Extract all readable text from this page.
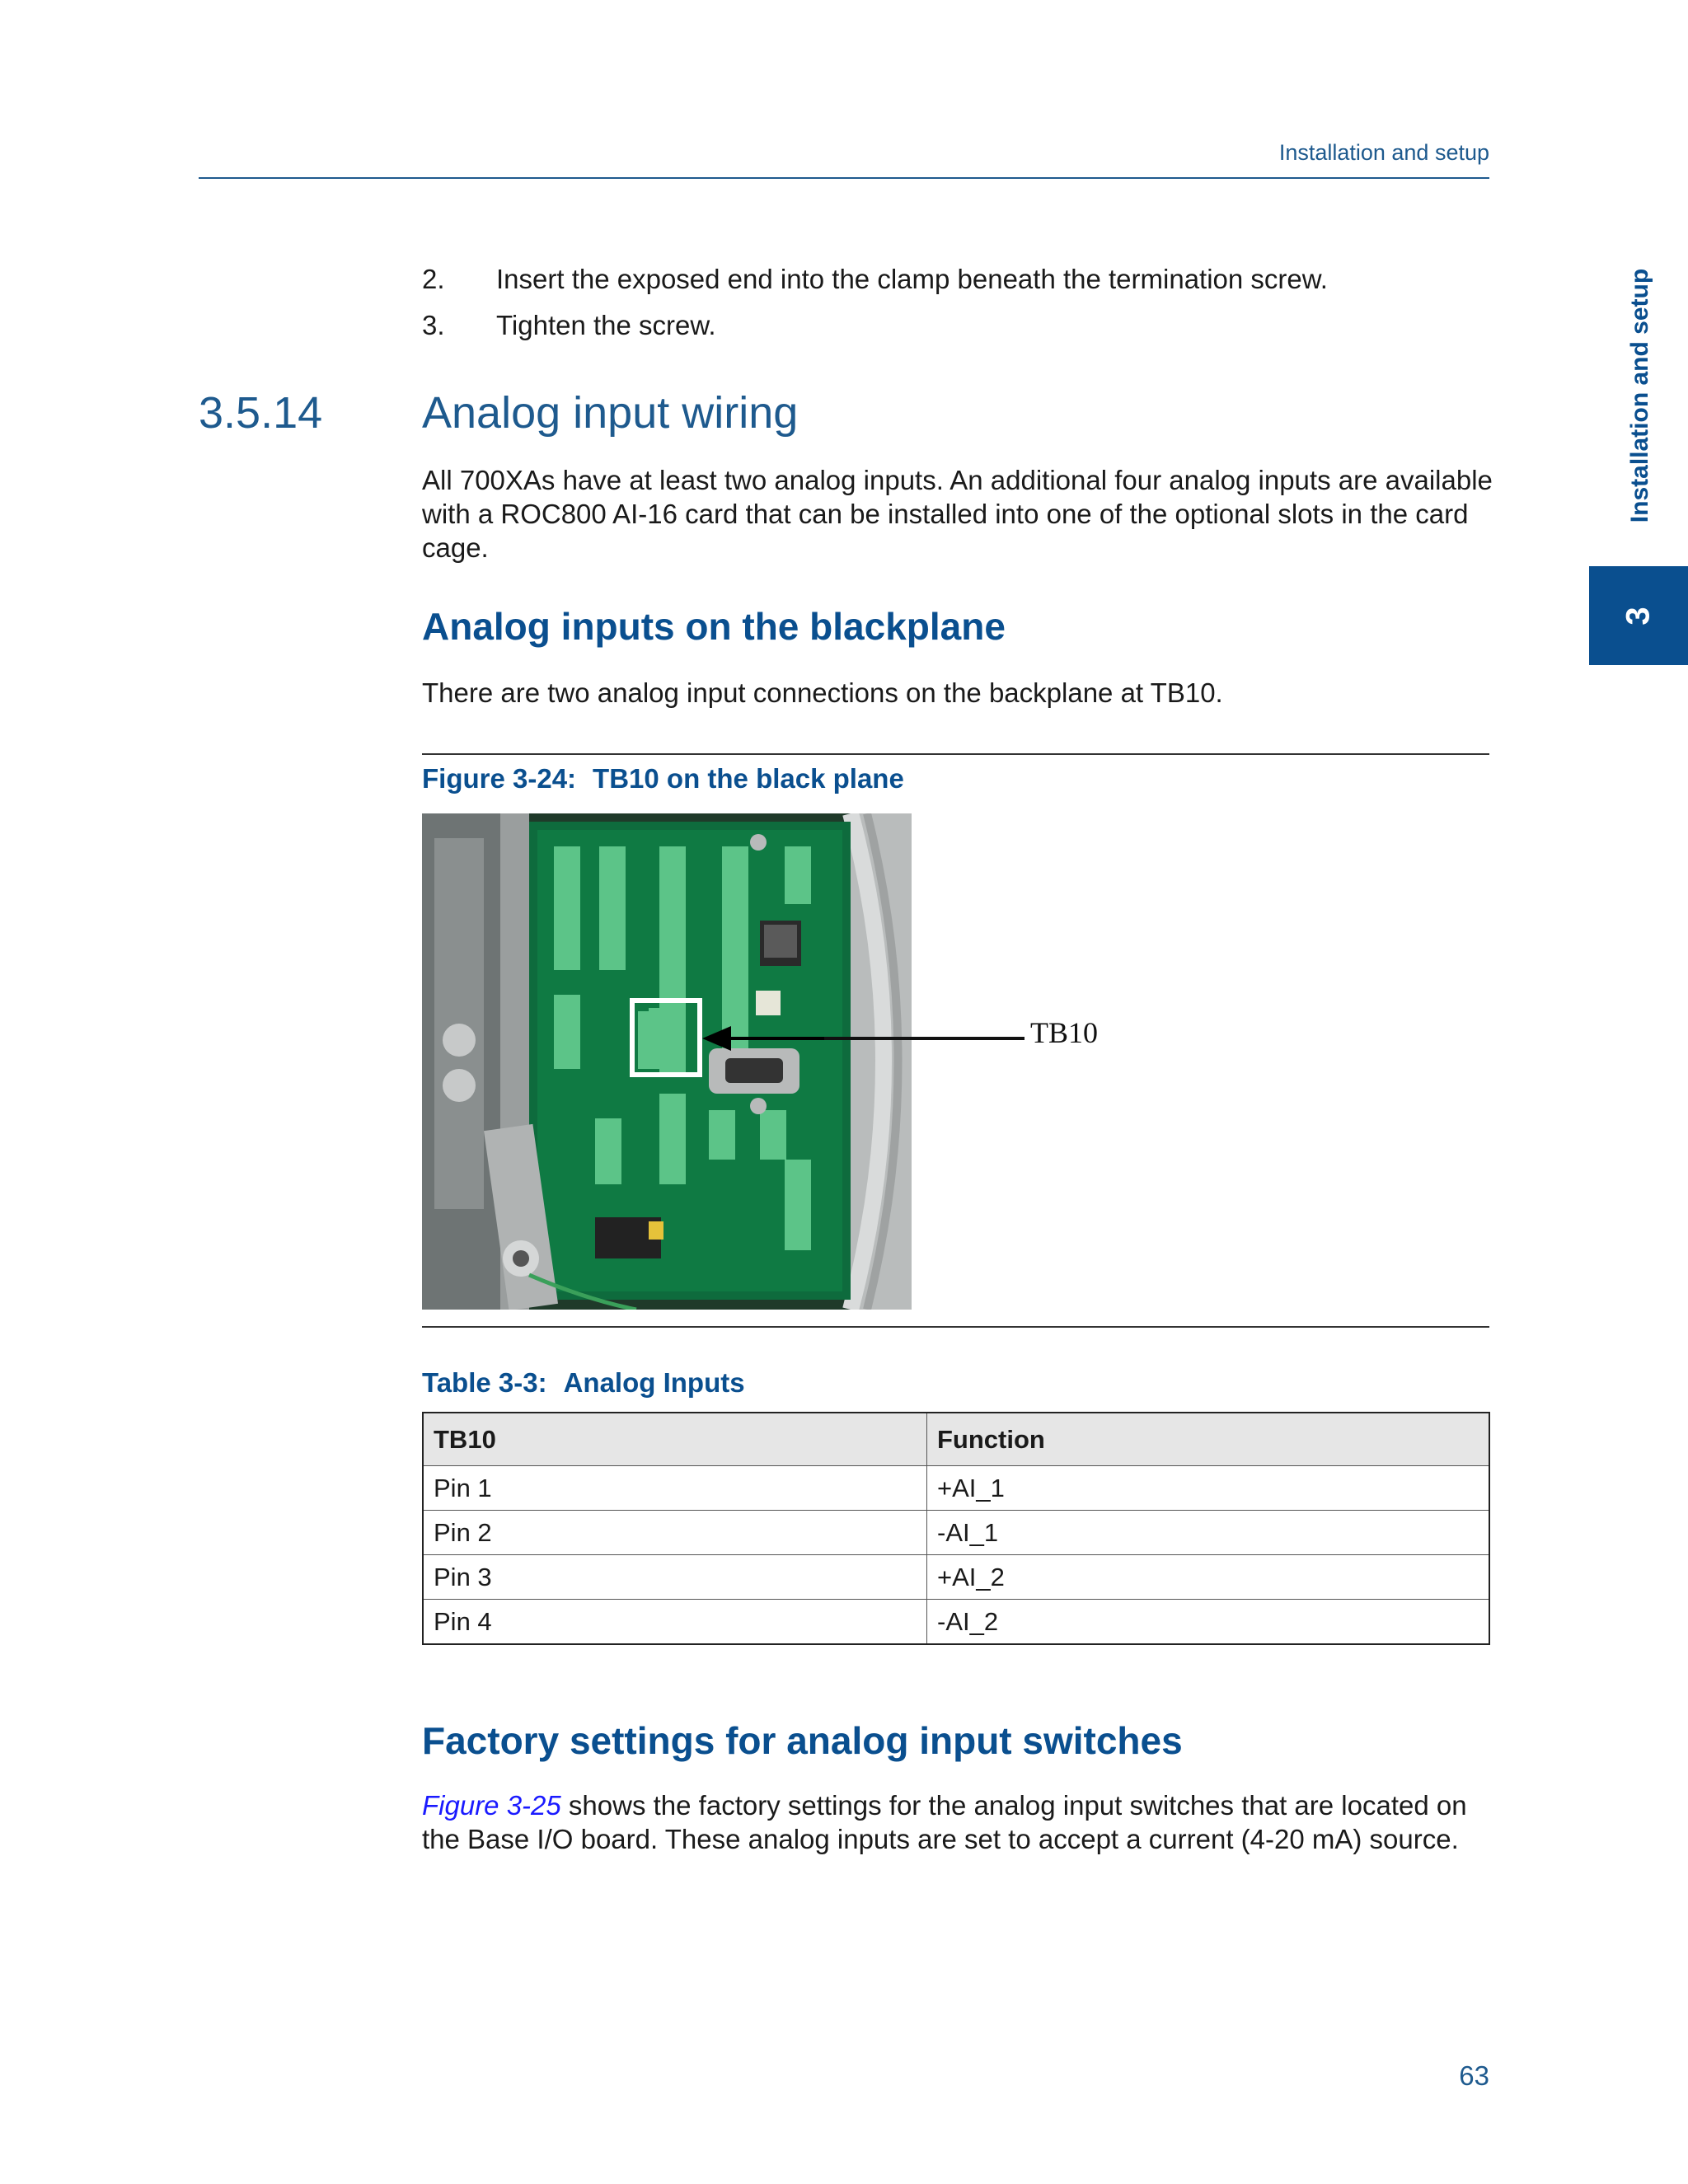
Installation and setup
Installation and setup
3
2. Insert the exposed end into the clamp beneath the termination screw.
3. Tighten the screw.
3.5.14 Analog input wiring
All 700XAs have at least two analog inputs. An additional four analog inputs are available with a ROC800 AI-16 card that can be installed into one of the optional slots in the card cage.
Analog inputs on the blackplane
There are two analog input connections on the backplane at TB10.
Figure 3-24: TB10 on the black plane
TB10
Table 3-3: Analog Inputs
TB10	Function
Pin 1	+AI_1
Pin 2	-AI_1
Pin 3	+AI_2
Pin 4	-AI_2
Factory settings for analog input switches
Figure 3-25 shows the factory settings for the analog input switches that are located on the Base I/O board. These analog inputs are set to accept a current (4-20 mA) source.
63
